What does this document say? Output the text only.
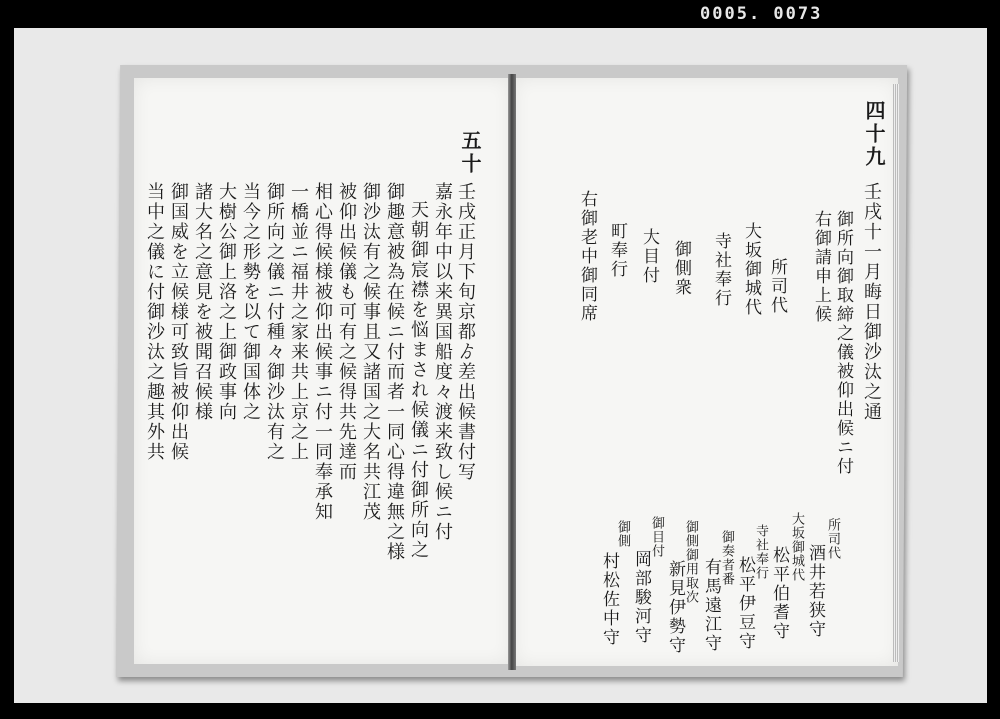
0005. 0073
五十
壬戌正月下旬京都ゟ差出候書付写
嘉永年中以来異国船度々渡来致し候ニ付
天朝御宸襟を悩まされ候儀ニ付御所向之
御趣意被為在候ニ付而者一同心得違無之様
御沙汰有之候事且又諸国之大名共江茂
被仰出候儀も可有之候得共先達而
相心得候様被仰出候事ニ付一同奉承知
一橋並ニ福井之家来共上京之上
御所向之儀ニ付種々御沙汰有之
当今之形勢を以て御国体之
大樹公御上洛之上御政事向
諸大名之意見を被聞召候様
御国威を立候様可致旨被仰出候
当中之儀に付御沙汰之趣其外共
四十九
壬戌十一月晦日御沙汰之通
御所向御取締之儀被仰出候ニ付
右御請申上候
所司代
大坂御城代
寺社奉行
御側衆
大目付
町奉行
右御老中御同席
所司代
酒井若狭守
大坂御城代
松平伯耆守
寺社奉行
松平伊豆守
御奏者番
有馬遠江守
御側御用取次
新見伊勢守
御目付
岡部駿河守
御側
村松佐中守
